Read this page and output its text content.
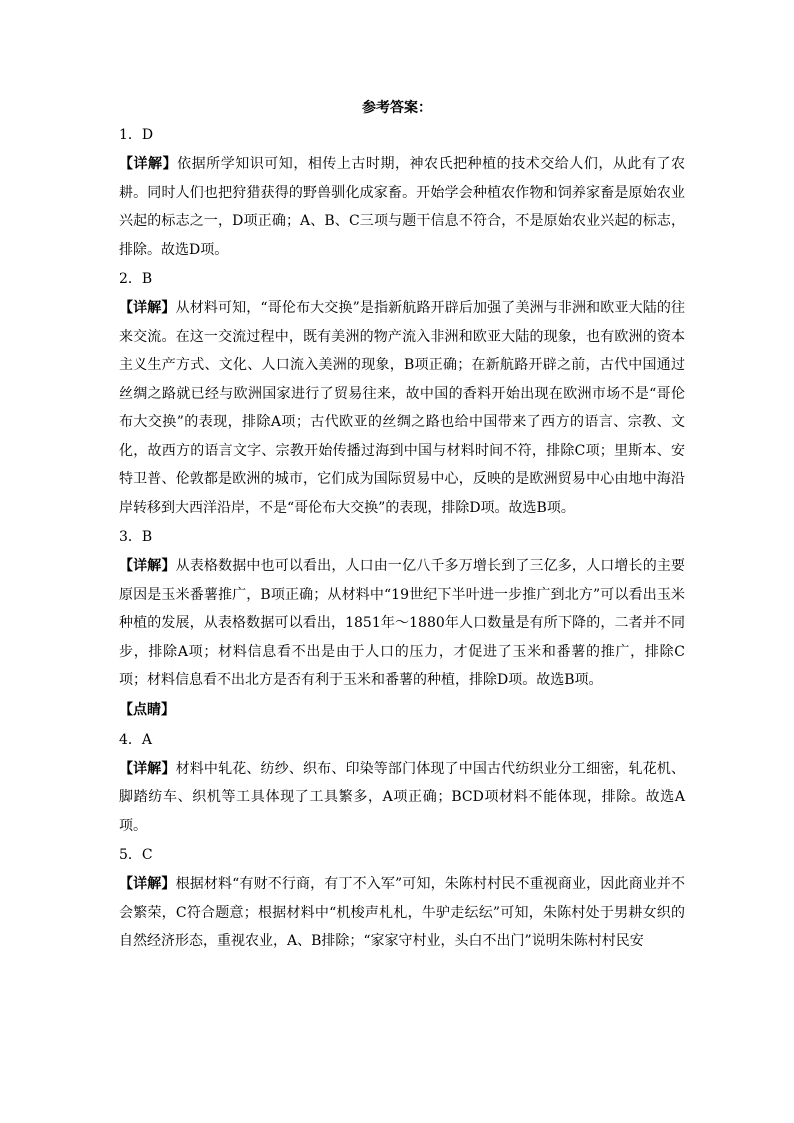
参考答案：
1．D
【详解】依据所学知识可知，相传上古时期，神农氏把种植的技术交给人们，从此有了农耕。同时人们也把狩猎获得的野兽驯化成家畜。开始学会种植农作物和饲养家畜是原始农业兴起的标志之一，D项正确；A、B、C三项与题干信息不符合，不是原始农业兴起的标志，排除。故选D项。
2．B
【详解】从材料可知，“哥伦布大交换”是指新航路开辟后加强了美洲与非洲和欧亚大陆的往来交流。在这一交流过程中，既有美洲的物产流入非洲和欧亚大陆的现象，也有欧洲的资本主义生产方式、文化、人口流入美洲的现象，B项正确；在新航路开辟之前，古代中国通过丝绸之路就已经与欧洲国家进行了贸易往来，故中国的香料开始出现在欧洲市场不是“哥伦布大交换”的表现，排除A项；古代欧亚的丝绸之路也给中国带来了西方的语言、宗教、文化，故西方的语言文字、宗教开始传播过海到中国与材料时间不符，排除C项；里斯本、安特卫普、伦敦都是欧洲的城市，它们成为国际贸易中心，反映的是欧洲贸易中心由地中海沿岸转移到大西洋沿岸，不是“哥伦布大交换”的表现，排除D项。故选B项。
3．B
【详解】从表格数据中也可以看出，人口由一亿八千多万增长到了三亿多，人口增长的主要原因是玉米番薯推广，B项正确；从材料中“19世纪下半叶进一步推广到北方”可以看出玉米种植的发展，从表格数据可以看出，1851年～1880年人口数量是有所下降的，二者并不同步，排除A项；材料信息看不出是由于人口的压力，才促进了玉米和番薯的推广，排除C项；材料信息看不出北方是否有利于玉米和番薯的种植，排除D项。故选B项。
【点睛】
4．A
【详解】材料中轧花、纺纱、织布、印染等部门体现了中国古代纺织业分工细密，轧花机、脚踏纺车、织机等工具体现了工具繁多，A项正确；BCD项材料不能体现，排除。故选A项。
5．C
【详解】根据材料“有财不行商，有丁不入军”可知，朱陈村村民不重视商业，因此商业并不会繁荣，C符合题意；根据材料中“机梭声札札，牛驴走纭纭”可知，朱陈村处于男耕女织的自然经济形态，重视农业，A、B排除；“家家守村业，头白不出门”说明朱陈村村民安
